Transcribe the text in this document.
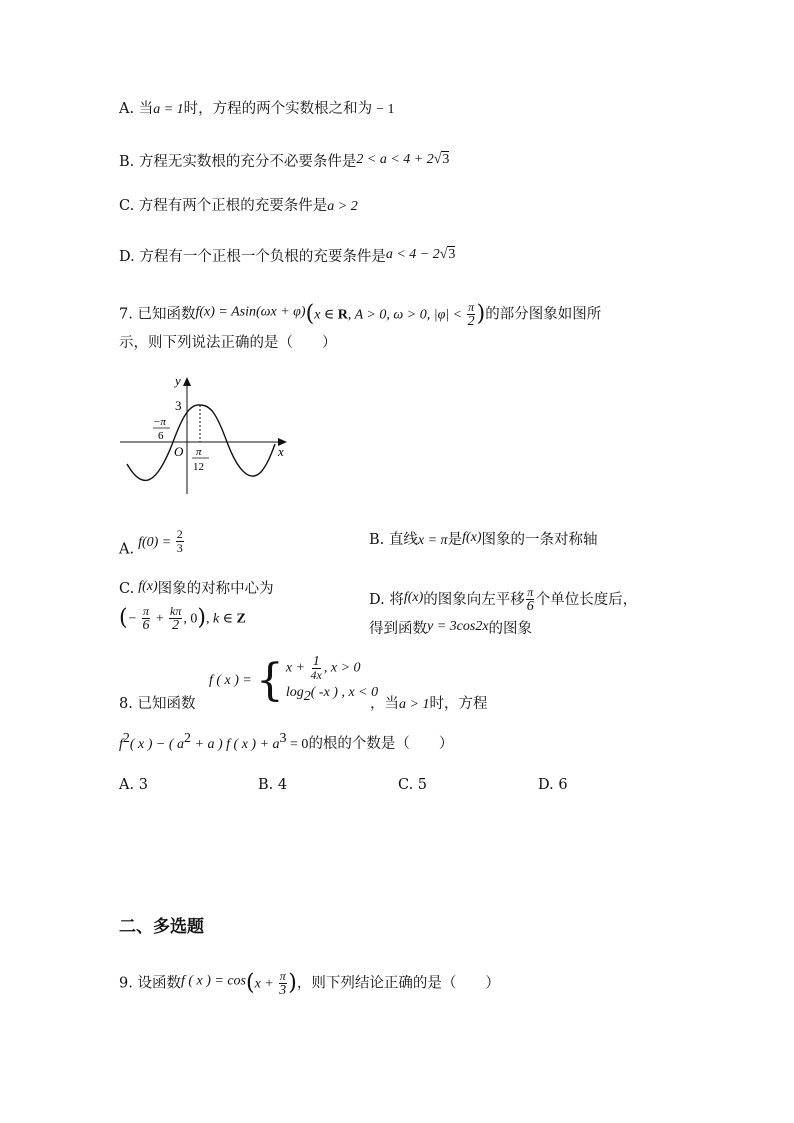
A. 当a = 1时，方程的两个实数根之和为 − 1
B. 方程无实数根的充分不必要条件是2 < a < 4 + 2√3
C. 方程有两个正根的充要条件是a > 2
D. 方程有一个正根一个负根的充要条件是a < 4 − 2√3
7. 已知函数f(x) = Asin(ωx + φ)(x ∈ R, A > 0, ω > 0, $|\varphi| < \frac{\pi}{2}$ )的部分图象如图所
示，则下列说法正确的是（　　）
y
x
O
3
−π
6
π
12
A. $f(0) = \frac{2}{3}$	B. 直线x = π是f(x)图象的一条对称轴
C. f(x)图象的对称中心为
(− $\frac{\pi}{6} + \frac{k\pi}{2}$ , 0), k ∈ Z
D. 将f(x)的图象向左平移 $\frac{\pi}{6}$ 个单位长度后，
得到函数y = 3cos2x的图象
8. 已知函数
f ( x ) = { $x + \frac{1}{4x}$ , x > 0
$\log_2$( -x ) , x < 0
，当a > 1时，方程
$f^2$( x ) − ( $a^2 + a$ ) f ( x ) + $a^3 = 0$的根的个数是（　　）
A. 3	B. 4	C. 5	D. 6
二、多选题
9. 设函数f ( x ) = $\cos(x + \frac{\pi}{3}$ )，则下列结论正确的是（　　）
